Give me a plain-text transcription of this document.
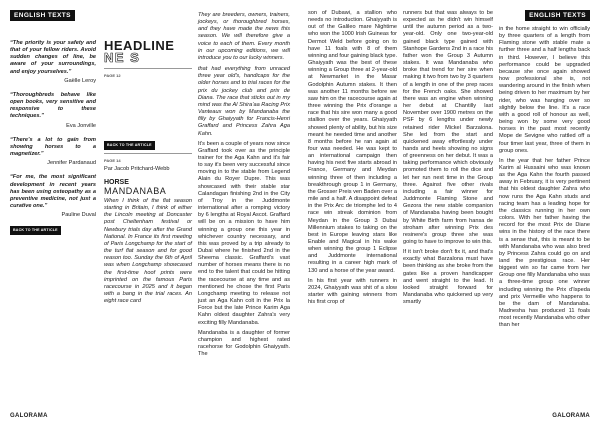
ENGLISH TEXTS

“The priority is your safety and that of your fellow riders. Avoid sudden changes of line, be aware of your surroundings, and enjoy yourselves.”

Gaëlle Leroy

“Thoroughbreds behave like open books, very sensitive and responsive to these techniques.”

Eva Jonville

“There’s a lot to gain from showing horses to a magnetizer.”

Jennifer Pardanaud

“For me, the most significant development in recent years has been using osteopathy as a preventive medicine, not just a curative one.”

Pauline Duval
BACK TO THE ARTICLE

HEADLINE

NE S

PAGE 12

BACK TO THE ARTICLE
PAGE 14
Par Jacob Pritchard-Webb
HORSE
MANDANABA

When I think of the flat season starting in Britain, I think of either the Lincoln meeting at Doncaster post Cheltenham festival or Newbury trials day after the Grand National. In France its first meeting of Paris Longchamp for the start of the turf flat season and for good reason too. Sunday the 6th of April was when Longchamp showcased the first-time hoof prints were imprinted on the famous Paris racecourse in 2025 and it began with a bang in the trial races. An eight race card

They are breeders, owners, trainers, jockeys, or thoroughbred horses, and they have made the news this season. We will therefore give a voice to each of them. Every month in our upcoming editions, we will introduce you to our lucky winners.

that had everything from unraced three year old's, handicaps for the older horses and to trial races for the prix du jockey club and prix de Diana. The race that sticks out in my mind was the Al Shira’aa Racing Prix Vanteaux won by Mandanaba the filly by Ghaiyyath for Francis-Henri Graffard and Princess Zahra Aga Kahn.

It's been a couple of years now since Graffard took over as the principle trainer for the Aga Kahn and it's fair to say it's been very successful since moving in to the stable from Legend Alain du Royer Dupre. This was showcased with their stable star Calandagan finishing 2nd in the City of Troy in the Juddmonte international after a romping victory by 6 lengths at Royal Ascot. Graffard will be on a mission to have him winning a group one this year in whichever country necessary, and this was proved by a trip already to Dubai where he finished 2nd in the Sheema classic. Graffard's vast number of horses means there is no end to the talent that could be hitting the racecourse at any time and as mentioned he chose the first Paris Longchamp meeting to release not just an Aga Kahn colt in the Prix la Force but the late Prince Karim Aga Kahn oldest daughter Zahra's very exciting filly Mandanaba.

Mandanaba is a daughter of former champion and highest rated racehorse for Godolphin Ghaiyyath. The

GALORAMA
ENGLISH TEXTS

son of Dubawi, a stallion who needs no introduction. Ghaiyyath is out of the Galileo mare Nightime who won the 1000 Irish Guineas for Dermot Weld before going on to have 11 foals with 8 of them winning and four gaining black type. Ghaiyyath was the best of these winning a Group three at 2-year-old at Newmarket in the Masar Godolphin Autumn stakes. It then was another 11 months before we saw him on the racecourse again at three winning the Prix d'orange a race that his sire won many a good stallion over the years. Ghaiyyath showed plenty of ability, but his size meant he needed time and another 8 months before he ran again at four was needed. He was kept to an international campaign then having his next five starts abroad in France, Germany and Meydan winning three of then including a breakthrough group 1 in Germany, the Grosser Preis ven Baden over a mile and a half. A disappoint defeat in the Prix Arc de triomphe led to 4 race win streak dominion from Meydan in the Group 3 Dubai Millennium stakes to taking on the best in Europe leaving stars like Enable and Magical in his wake when winning the group 1 Eclipse and Juddmonte international resulting in a career high mark of 130 and a horse of the year award.

In his first year with runners in 2024, Ghaiyyath was shit of a slow starter with gaining winners from his first crop of

runners but that was always to be expected as he didn't win himself until the autumn period as a two-year-old. Only one two-year-old gained black type gained with Stanhope Gardens 2nd in a race his father won the Group 3 Autumn stakes. It was Mandanaba who broke that trend for her sire when making it two from two by 3 quarters of a length in one of the prep races for the French oaks. She showed there was an engine when winning her debut at Chantilly last November over 1900 metres on the PSF by 6 lengths under newly retained rider Mickel Barzalona. She led from the start and quickened away effortlessly under hands and heels showing no signs of greenness on her debut. It was a taking performance which obviously promoted them to roll the dice and let her run next time in the Group three. Against five other rivals including a fair winner for Juddmonte Flaming Stone and Gezora the new stable companion of Mandanaba having been bought by White Birth farm from hansa de stroham after winning Prix des resinere's group three she was going to have to improve to win this.

If it isn't broke don't fix it, and that's exactly what Barzalona must have been thinking as she broke from the gates like a proven handicapper and went straight to the lead. It looked straight forward for Mandanaba who quickened up very smartly

in the home straight to win officially by three quarters of a length from Flaming stone with stable mate a further three and a half lengths back in third. However, I believe this performance could be upgraded because she once again showed how professional she is, not wandering around in the finish when being driven to her maximum by her rider, who was hanging over so slightly below the line. It's a race with a good roll of honour as well, being won by some very good horses in the past most recently Mope de Sevigne who rattled off a four timer last year, three of them in group ones.

In the year that her father Prince Karim al Hussaini who was known as the Aga Kahn the fourth passed away in February, it is very pertinent that his oldest daughter Zahra who now runs the Aga Kahn studs and racing team has a leading hope for the classics running in her own colors. With her father having the record for the most Prix de Diane wins in the history of the race there is a sense that, this is meant to be with Mandanaba who was also bred by Princess Zahra could go on and land the prestigious race. Her biggest win so far came from her Group one filly Mandanaba who was a three-time group one winner including winning the Prix d'Ispeda and prix Vermeille who happens to be the dam of Mandanaba. Madnesha has produced 11 foals most recently Mandanaba who other than her

GALORAMA
